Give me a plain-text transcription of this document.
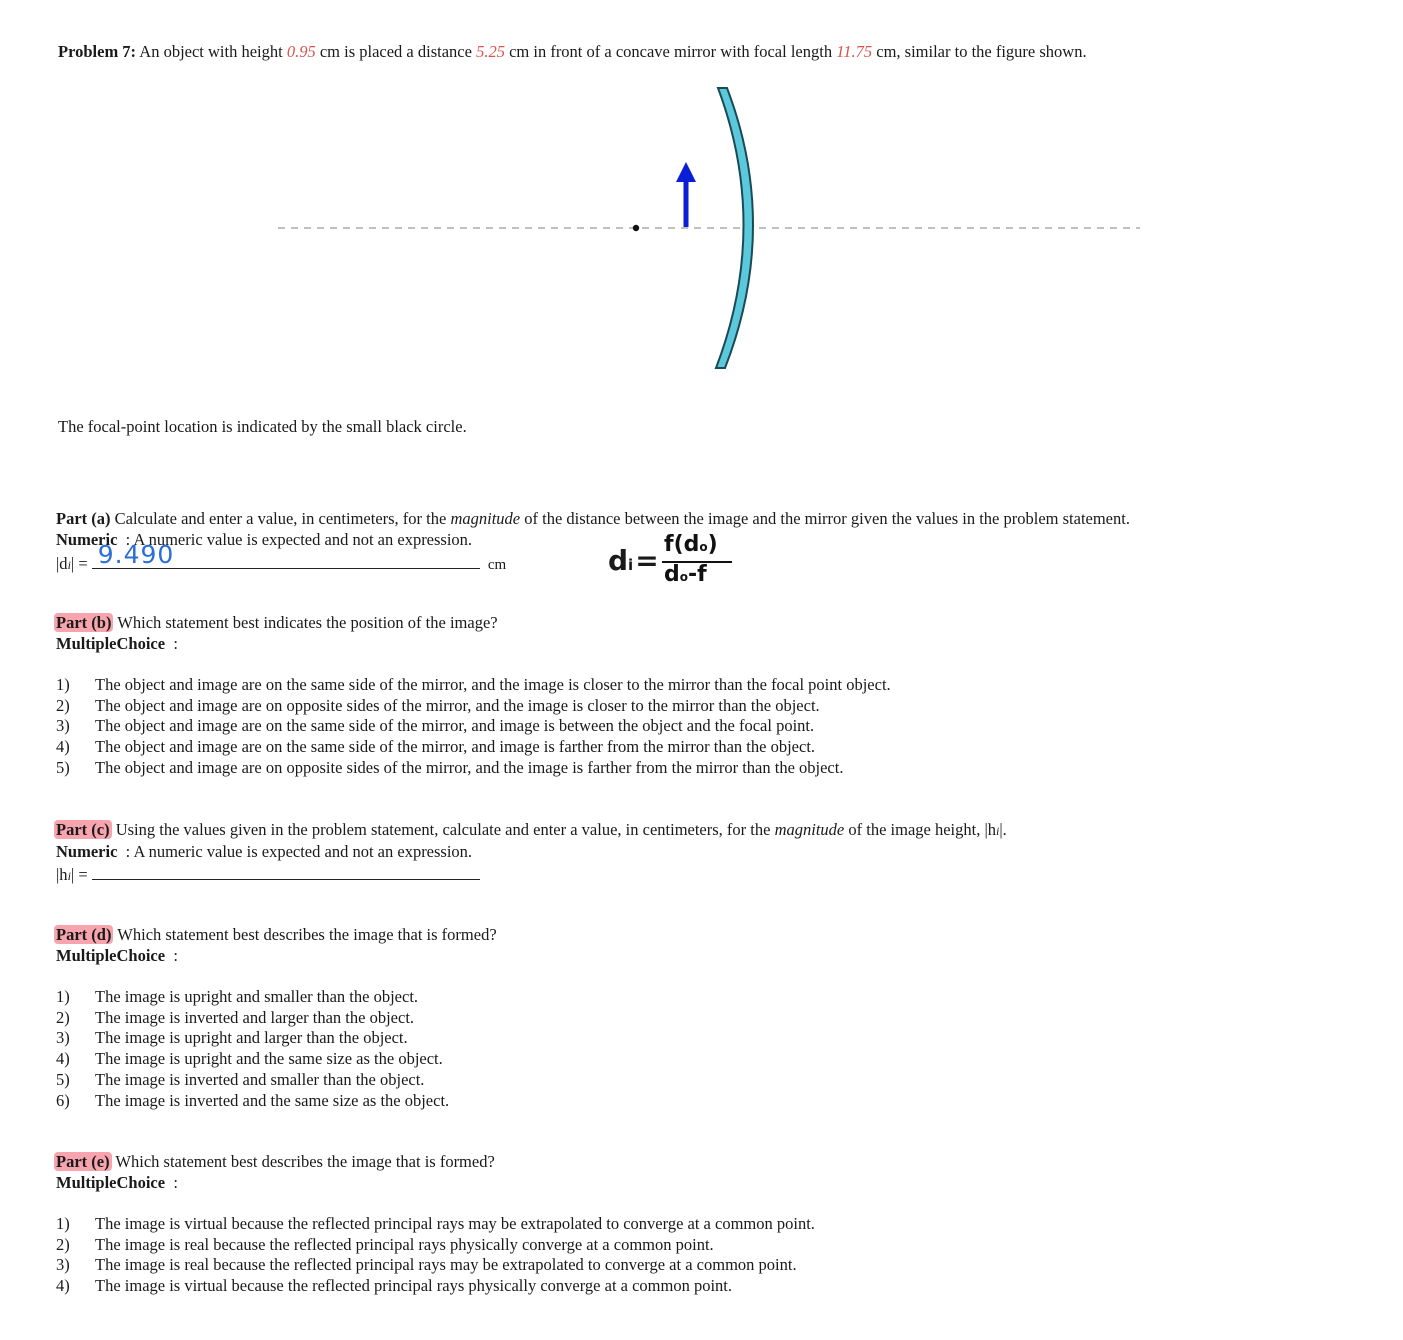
Problem 7: An object with height 0.95 cm is placed a distance 5.25 cm in front of a concave mirror with focal length 11.75 cm, similar to the figure shown.
The focal-point location is indicated by the small black circle.
Part (a) Calculate and enter a value, in centimeters, for the magnitude of the distance between the image and the mirror given the values in the problem statement.
Numeric  : A numeric value is expected and not an expression.
|di| = 9.490	cm	di= f(do)
do-f
Part (b) Which statement best indicates the position of the image?
MultipleChoice  :
1)	The object and image are on the same side of the mirror, and the image is closer to the mirror than the focal point object.
2)	The object and image are on opposite sides of the mirror, and the image is closer to the mirror than the object.
3)	The object and image are on the same side of the mirror, and image is between the object and the focal point.
4)	The object and image are on the same side of the mirror, and image is farther from the mirror than the object.
5)	The object and image are on opposite sides of the mirror, and the image is farther from the mirror than the object.
Part (c) Using the values given in the problem statement, calculate and enter a value, in centimeters, for the magnitude of the image height, |hi|.
Numeric  : A numeric value is expected and not an expression.
|hi| =
Part (d) Which statement best describes the image that is formed?
MultipleChoice  :
1)	The image is upright and smaller than the object.
2)	The image is inverted and larger than the object.
3)	The image is upright and larger than the object.
4)	The image is upright and the same size as the object.
5)	The image is inverted and smaller than the object.
6)	The image is inverted and the same size as the object.
Part (e) Which statement best describes the image that is formed?
MultipleChoice  :
1)	The image is virtual because the reflected principal rays may be extrapolated to converge at a common point.
2)	The image is real because the reflected principal rays physically converge at a common point.
3)	The image is real because the reflected principal rays may be extrapolated to converge at a common point.
4)	The image is virtual because the reflected principal rays physically converge at a common point.
